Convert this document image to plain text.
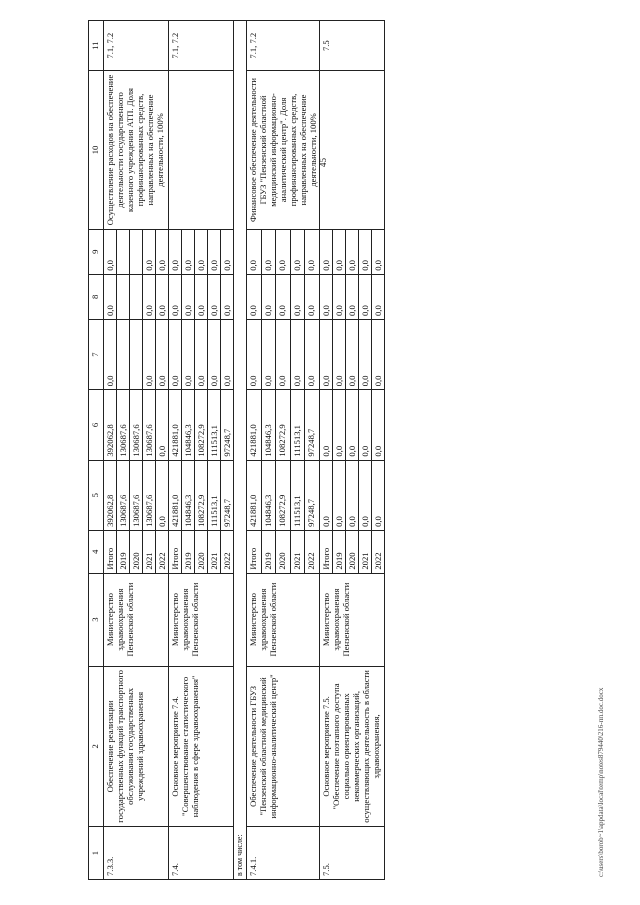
45
1	2	3	4	5	6	7	8	9	10	11
7.3.3.	Обеспечение реализации государственных функций транспортного обслуживания государственных учреждений здравоохранения	Министерство здравоохранения Пензенской области	Итого	392062,8	392062,8	0,0	0,0	0,0	Осуществление расходов на обеспечение деятельности государственного казенного учреждения АТП. Доля профинансированных средств, направленных на обеспечение деятельности, 100%	7.1, 7.2
			2019	130687,6	130687,6					
			2020	130687,6	130687,6					
			2021	130687,6	130687,6	0,0	0,0	0,0		
			2022	0,0	0,0	0,0	0,0	0,0		
7.4.	Основное мероприятие 7.4. "Совершенствование статистического наблюдения в сфере здравоохранения"	Министерство здравоохранения Пензенской области	Итого	421881,0	421881,0	0,0	0,0	0,0		7.1, 7.2
			2019	104846,3	104846,3	0,0	0,0	0,0		
			2020	108272,9	108272,9	0,0	0,0	0,0		
			2021	111513,1	111513,1	0,0	0,0	0,0		
			2022	97248,7	97248,7	0,0	0,0	0,0		
в том числе:										
7.4.1.	Обеспечение деятельности ГБУЗ "Пензенский областной медицинский информационно-аналитический центр"	Министерство здравоохранения Пензенской области	Итого	421881,0	421881,0	0,0	0,0	0,0	Финансовое обеспечение деятельности ГБУЗ "Пензенский областной медицинский информационно-аналитический центр". Доля профинансированных средств, направленных на обеспечение деятельности, 100%	7.1, 7.2
			2019	104846,3	104846,3	0,0	0,0	0,0		
			2020	108272,9	108272,9	0,0	0,0	0,0		
			2021	111513,1	111513,1	0,0	0,0	0,0		
			2022	97248,7	97248,7	0,0	0,0	0,0		
7.5.	Основное мероприятие 7.5. "Обеспечение поэтапного доступа социально ориентированных некоммерческих организаций, осуществляющих деятельность в области здравоохранения,	Министерство здравоохранения Пензенской области	Итого	0,0	0,0	0,0	0,0	0,0		7.5
			2019	0,0	0,0	0,0	0,0	0,0		
			2020	0,0	0,0	0,0	0,0	0,0		
			2021	0,0	0,0	0,0	0,0	0,0		
			2022	0,0	0,0	0,0	0,0	0,0		
c:\users\borob~1\appdata\local\temp\notes879440\216-пп.doc.docx
